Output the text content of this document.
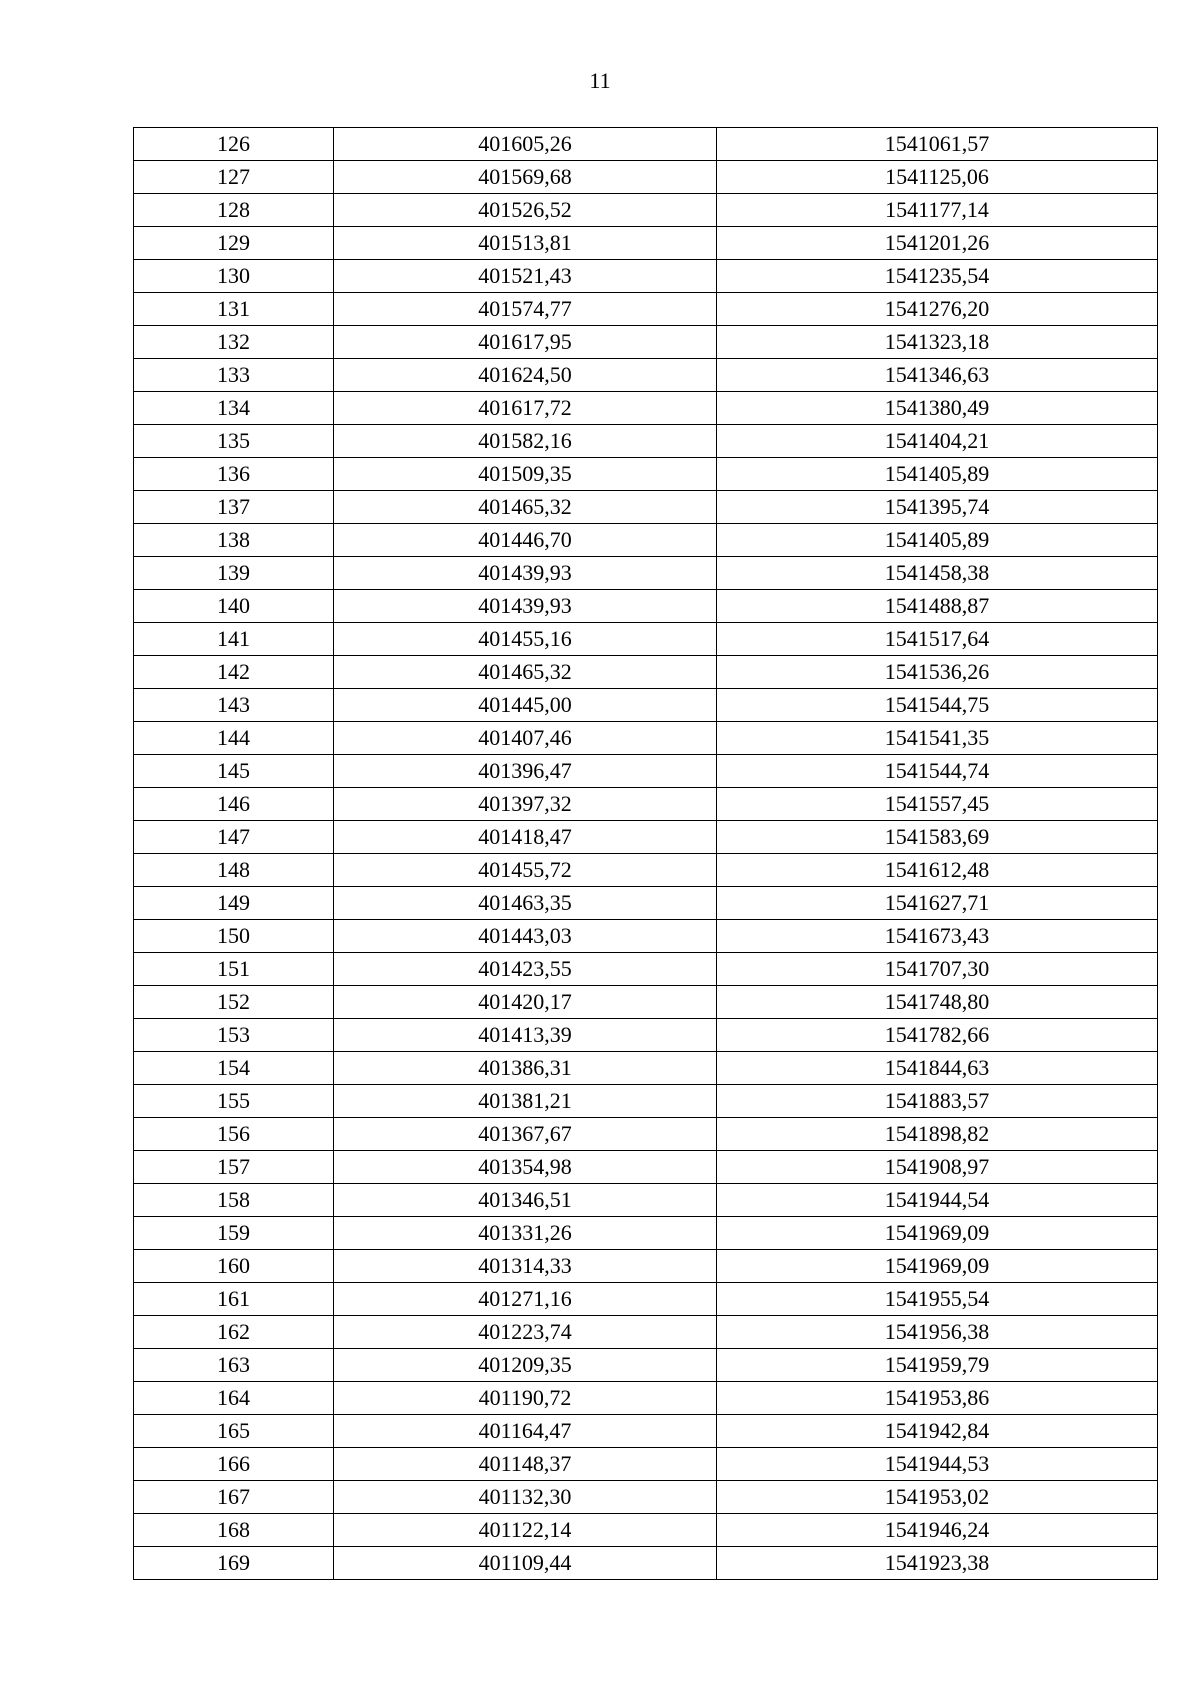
11
126	401605,26	1541061,57
127	401569,68	1541125,06
128	401526,52	1541177,14
129	401513,81	1541201,26
130	401521,43	1541235,54
131	401574,77	1541276,20
132	401617,95	1541323,18
133	401624,50	1541346,63
134	401617,72	1541380,49
135	401582,16	1541404,21
136	401509,35	1541405,89
137	401465,32	1541395,74
138	401446,70	1541405,89
139	401439,93	1541458,38
140	401439,93	1541488,87
141	401455,16	1541517,64
142	401465,32	1541536,26
143	401445,00	1541544,75
144	401407,46	1541541,35
145	401396,47	1541544,74
146	401397,32	1541557,45
147	401418,47	1541583,69
148	401455,72	1541612,48
149	401463,35	1541627,71
150	401443,03	1541673,43
151	401423,55	1541707,30
152	401420,17	1541748,80
153	401413,39	1541782,66
154	401386,31	1541844,63
155	401381,21	1541883,57
156	401367,67	1541898,82
157	401354,98	1541908,97
158	401346,51	1541944,54
159	401331,26	1541969,09
160	401314,33	1541969,09
161	401271,16	1541955,54
162	401223,74	1541956,38
163	401209,35	1541959,79
164	401190,72	1541953,86
165	401164,47	1541942,84
166	401148,37	1541944,53
167	401132,30	1541953,02
168	401122,14	1541946,24
169	401109,44	1541923,38
